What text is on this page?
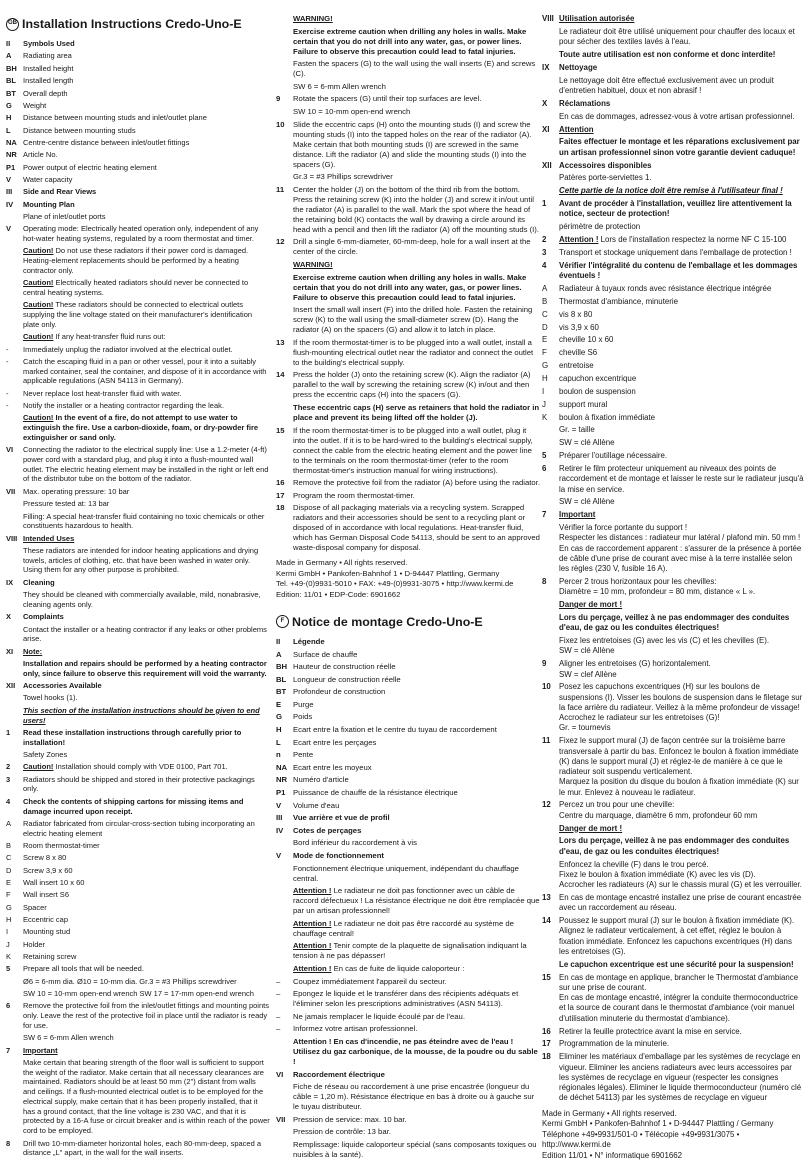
GB Installation Instructions Credo-Uno-E
II	Symbols Used
A	Radiating area
BH Installed height
BL Installed length
BT Overall depth
G	Weight
H	Distance between mounting studs and inlet/outlet plane
L	Distance between mounting studs
NA Centre-centre distance between inlet/outlet fittings
NR Article No.
P1	Power output of electric heating element
V	Water capacity
III	Side and Rear Views
IV	Mounting Plan
Plane of inlet/outlet ports
V	Operating mode: Electrically heated operation only, independent of any hot-water heating systems, regulated by a room thermostat and timer.
Caution! Do not use these radiators if their power cord is damaged. Heating-element replacements should be performed by a heating contractor only.
Caution! Electrically heated radiators should never be connected to central heating systems.
Caution! These radiators should be connected to electrical outlets supplying the line voltage stated on their manufacturer's identification plate only.
Caution! If any heat-transfer fluid runs out:
-	Immediately unplug the radiator involved at the electrical outlet.
-	Catch the escaping fluid in a pan or other vessel, pour it into a suitably marked container, seal the container, and dispose of it in accordance with applicable regulations (ASN 54113 in Germany).
-	Never replace lost heat-transfer fluid with water.
-	Notify the installer or a heating contractor regarding the leak.
Caution! In the event of a fire, do not attempt to use water to extinguish the fire. Use a carbon-dioxide, foam, or dry-powder fire extinguisher or sand only.
VI	Connecting the radiator to the electrical supply line: Use a 1.2-meter (4-ft) power cord with a standard plug, and plug it into a flush-mounted wall outlet. The electric heating element may be installed in the right or left end of the distributor tube on the bottom of the radiator.
VII	Max. operating pressure: 10 bar
Pressure tested at: 13 bar
Filling: A special heat-transfer fluid containing no toxic chemicals or other constituents hazardous to health.
VIII Intended Uses
These radiators are intended for indoor heating applications and drying towels, articles of clothing, etc. that have been washed in water only. Using them for any other purpose is prohibited.
IX	Cleaning
They should be cleaned with commercially available, mild, nonabrasive, cleaning agents only.
X	Complaints
Contact the installer or a heating contractor if any leaks or other problems arise.
XI	Note:
Installation and repairs should be performed by a heating contractor only, since failure to observe this requirement will void the warranty.
XII	Accessories Available
Towel hooks (1).
This section of the installation instructions should be given to end users!
1	Read these installation instructions through carefully prior to installation!
Safety Zones
2	Caution! Installation should comply with VDE 0100, Part 701.
3	Radiators should be shipped and stored in their protective packagings only.
4	Check the contents of shipping cartons for missing items and damage incurred upon receipt.
A	Radiator fabricated from circular-cross-section tubing incorporating an electric heating element
B	Room thermostat-timer
C	Screw 8 x 80
D	Screw 3,9 x 60
E	Wall insert 10 x 60
F	Wall insert S6
G	Spacer
H	Eccentric cap
I	Mounting stud
J	Holder
K	Retaining screw
5	Prepare all tools that will be needed.
Ø6 = 6-mm dia. Ø10 = 10-mm dia. Gr.3 = #3 Phillips screwdriver
SW 10 = 10-mm open-end wrench SW 17 = 17-mm open-end wrench
6	Remove the protective foil from the inlet/outlet fittings and mounting points only. Leave the rest of the protective foil in place until the radiator is ready for use.
SW 6 = 6-mm Allen wrench
7	Important
Make certain that bearing strength of the floor wall is sufficient to support the weight of the radiator. Make certain that all necessary clearances are maintained. Radiators should be at least 50 mm (2") distant from walls and ceilings. If a flush-mounted electrical outlet is to be employed for the electrical supply, make certain that it has been properly installed, that it has a ground contact, that the line voltage is 230 VAC, and that it is protected by a 16-A fuse or circuit breaker and is within reach of the power cord to be employed.
8	Drill two 10-mm-diameter horizontal holes, each 80-mm-deep, spaced a distance „L" apart, in the wall for the wall inserts.
WARNING!
Exercise extreme caution when drilling any holes in walls. Make certain that you do not drill into any water, gas, or power lines. Failure to observe this precaution could lead to fatal injuries.
Fasten the spacers (G) to the wall using the wall inserts (E) and screws (C).
SW 6 = 6-mm Allen wrench
9	Rotate the spacers (G) until their top surfaces are level.
SW 10 = 10-mm open-end wrench
10	Slide the eccentric caps (H) onto the mounting studs (I) and screw the mounting studs (I) into the tapped holes on the rear of the radiator (A). Make certain that both mounting studs (I) are screwed in the same distance. Lift the radiator (A) and slide the mounting studs (I) into the spacers (G).
Gr.3 = #3 Phillips screwdriver
11	Center the holder (J) on the bottom of the third rib from the bottom. Press the retaining screw (K) into the holder (J) and screw it in/out until the radiator (A) is parallel to the wall. Mark the spot where the head of the retaining bold (K) contacts the wall by drawing a circle around its head with a pencil and then lift the radiator (A) off the mounting studs (I).
12	Drill a single 6-mm-diameter, 60-mm-deep, hole for a wall insert at the center of the circle.
WARNING!
Exercise extreme caution when drilling any holes in walls. Make certain that you do not drill into any water, gas, or power lines. Failure to observe this precaution could lead to fatal injuries.
Insert the small wall insert (F) into the drilled hole. Fasten the retaining screw (K) to the wall using the small-diameter screw (D). Hang the radiator (A) on the spacers (G) and allow it to latch in place.
13	If the room thermostat-timer is to be plugged into a wall outlet, install a flush-mounting electrical outlet near the radiator and connect the outlet to the building's electrical supply.
14	Press the holder (J) onto the retaining screw (K). Align the radiator (A) parallel to the wall by screwing the retaining screw (K) in/out and then press the eccentric caps (H) into the spacers (G).
These eccentric caps (H) serve as retainers that hold the radiator in place and prevent its being lifted off the holder (J).
15	If the room thermostat-timer is to be plugged into a wall outlet, plug it into the outlet. If it is to be hard-wired to the building's electrical supply, connect the cable from the electric heating element and the power line to the terminals on the room thermostat-timer (refer to the room thermostat-timer's instruction manual for wiring instructions).
16	Remove the protective foil from the radiator (A) before using the radiator.
17	Program the room thermostat-timer.
18	Dispose of all packaging materials via a recycling system. Scrapped radiators and their accessories should be sent to a recycling plant or disposed of in accordance with local regulations. Heat-transfer fluid, which has German Disposal Code 54113, should be sent to an approved waste-disposal company for disposal.
Made in Germany • All rights reserved.
Kermi GmbH • Pankofen-Bahnhof 1 • D-94447 Plattling, Germany
Tel. +49-(0)9931-5010 • FAX: +49-(0)9931-3075 • http://www.kermi.de
Edition: 11/01 • EDP-Code: 6901662
F Notice de montage Credo-Uno-E
II	Légende
A	Surface de chauffe
BH Hauteur de construction réelle
BL Longueur de construction réelle
BT Profondeur de construction
E	Purge
G	Poids
H	Ecart entre la fixation et le centre du tuyau de raccordement
L	Ecart entre les perçages
n	Pente
NA Ecart entre les moyeux
NR Numéro d'article
P1 Puissance de chauffe de la résistance électrique
V	Volume d'eau
III	Vue arrière et vue de profil
IV	Cotes de perçages
Bord inférieur du raccordement à vis
V	Mode de fonctionnement
Fonctionnement électrique uniquement, indépendant du chauffage central.
Attention ! Le radiateur ne doit pas fonctionner avec un câble de raccord défectueux ! La résistance électrique ne doit être remplacée que par un artisan professionnel!
Attention ! Le radiateur ne doit pas être raccordé au système de chauffage central!
Attention ! Tenir compte de la plaquette de signalisation indiquant la tension à ne pas dépasser!
Attention ! En cas de fuite de liquide caloporteur :
–	Coupez immédiatement l'appareil du secteur.
–	Epongez le liquide et le transférer dans des récipients adéquats et l'éliminer selon les prescriptions administratives (ASN 54113).
–	Ne jamais remplacer le liquide écoulé par de l'eau.
–	Informez votre artisan professionnel.
Attention ! En cas d'incendie, ne pas éteindre avec de l'eau ! Utilisez du gaz carbonique, de la mousse, de la poudre ou du sable !
VI	Raccordement électrique
Fiche de réseau ou raccordement à une prise encastrée (longueur du câble = 1,20 m). Résistance électrique en bas à droite ou à gauche sur le tuyau distributeur.
VII Pression de service: max. 10 bar.
Pression de contrôle: 13 bar.
Remplissage: liquide caloporteur spécial (sans composants toxiques ou nuisibles à la santé).
VIII Utilisation autorisée
Le radiateur doit être utilisé uniquement pour chauffer des locaux et pour sécher des textiles lavés à l'eau.
Toute autre utilisation est non conforme et donc interdite!
IX	Nettoyage
Le nettoyage doit être effectué exclusivement avec un produit d'entretien habituel, doux et non abrasif !
X	Réclamations
En cas de dommages, adressez-vous à votre artisan professionnel.
XI	Attention
Faites effectuer le montage et les réparations exclusivement par un artisan professionnel sinon votre garantie devient caduque!
XII Accessoires disponibles
Patères porte-serviettes 1.
Cette partie de la notice doit être remise à l'utilisateur final !
1	Avant de procéder à l'installation, veuillez lire attentivement la notice, secteur de protection!
périmètre de protection
2	Attention ! Lors de l'installation respectez la norme NF C 15-100
3	Transport et stockage uniquement dans l'emballage de protection !
4	Vérifier l'intégralité du contenu de l'emballage et les dommages éventuels !
A	Radiateur à tuyaux ronds avec résistance électrique intégrée
B	Thermostat d'ambiance, minuterie
C	vis 8 x 80
D	vis 3,9 x 60
E	cheville 10 x 60
F	cheville S6
G	entretoise
H	capuchon excentrique
I	boulon de suspension
J	support mural
K	boulon à fixation immédiate
Gr. = taille
SW = clé Allène
5	Préparer l'outillage nécessaire.
6	Retirer le film protecteur uniquement au niveaux des points de raccordement et de montage et laisser le reste sur le radiateur jusqu'à la mise en service.
SW = clé Allène
7	Important
Vérifier la force portante du support !
Respecter les distances : radiateur mur latéral / plafond min. 50 mm !
En cas de raccordement apparent : s'assurer de la présence à portée de câble d'une prise de courant avec mise à la terre installée selon les règles (230 V, fusible 16 A).
8	Percer 2 trous horizontaux pour les chevilles:
Diamètre = 10 mm, profondeur = 80 mm, distance « L ».
Danger de mort !
Lors du perçage, veillez à ne pas endommager des conduites d'eau, de gaz ou les conduites électriques!
Fixez les entretoises (G) avec les vis (C) et les chevilles (E).
SW = clé Allène
9	Aligner les entretoises (G) horizontalement.
SW = clef Allène
10	Posez les capuchons excentriques (H) sur les boulons de suspensions (I). Visser les boulons de suspension dans le filetage sur la face arrière du radiateur. Veillez à la même profondeur de vissage! Accrochez le radiateur sur les entretoises (G)!
Gr. = tournevis
11	Fixez le support mural (J) de façon centrée sur la troisième barre transversale à partir du bas. Enfoncez le boulon à fixation immédiate (K) dans le support mural (J) et réglez-le de manière à ce que le radiateur soit suspendu verticalement.
Marquez la position du disque du boulon à fixation immédiate (K) sur le mur. Enlevez à nouveau le radiateur.
12	Percez un trou pour une cheville:
Centre du marquage, diamètre 6 mm, profondeur 60 mm
Danger de mort !
Lors du perçage, veillez à ne pas endommager des conduites d'eau, de gaz ou les conduites électriques!
Enfoncez la cheville (F) dans le trou percé.
Fixez le boulon à fixation immédiate (K) avec les vis (D).
Accrocher les radiateurs (A) sur le chassis mural (G) et les verrouiller.
13	En cas de montage encastré installez une prise de courant encastrée avec un raccordement au réseau.
14	Poussez le support mural (J) sur le boulon à fixation immédiate (K). Alignez le radiateur verticalement, à cet effet, réglez le boulon à fixation immédiate. Enfoncez les capuchons excentriques (H) dans les entretoises (G).
Le capuchon excentrique est une sécurité pour la suspension!
15	En cas de montage en applique, brancher le Thermostat d'ambiance sur une prise de courant.
En cas de montage encastré, intégrer la conduite thermoconductrice et la source de courant dans le thermostat d'ambiance (voir manuel d'utilisation minuterie du thermostat d'ambiance).
16	Retirer la feuille protectrice avant la mise en service.
17	Programmation de la minuterie.
18	Eliminer les matériaux d'emballage par les systèmes de recyclage en vigueur. Eliminer les anciens radiateurs avec leurs accessoires par les systèmes de recyclage en vigueur (respecter les consignes régionales légales). Eliminer le liquide thermoconducteur (numéro clé de déchet 54113) par les systèmes de recyclage en vigueur
Made in Germany • All rights reserved.
Kermi GmbH • Pankofen-Bahnhof 1 • D-94447 Plattling / Germany
Téléphone +49•9931/501-0 • Télécopie +49•9931/3075 • http://www.kermi.de
Edition 11/01 • N° informatique 6901662
